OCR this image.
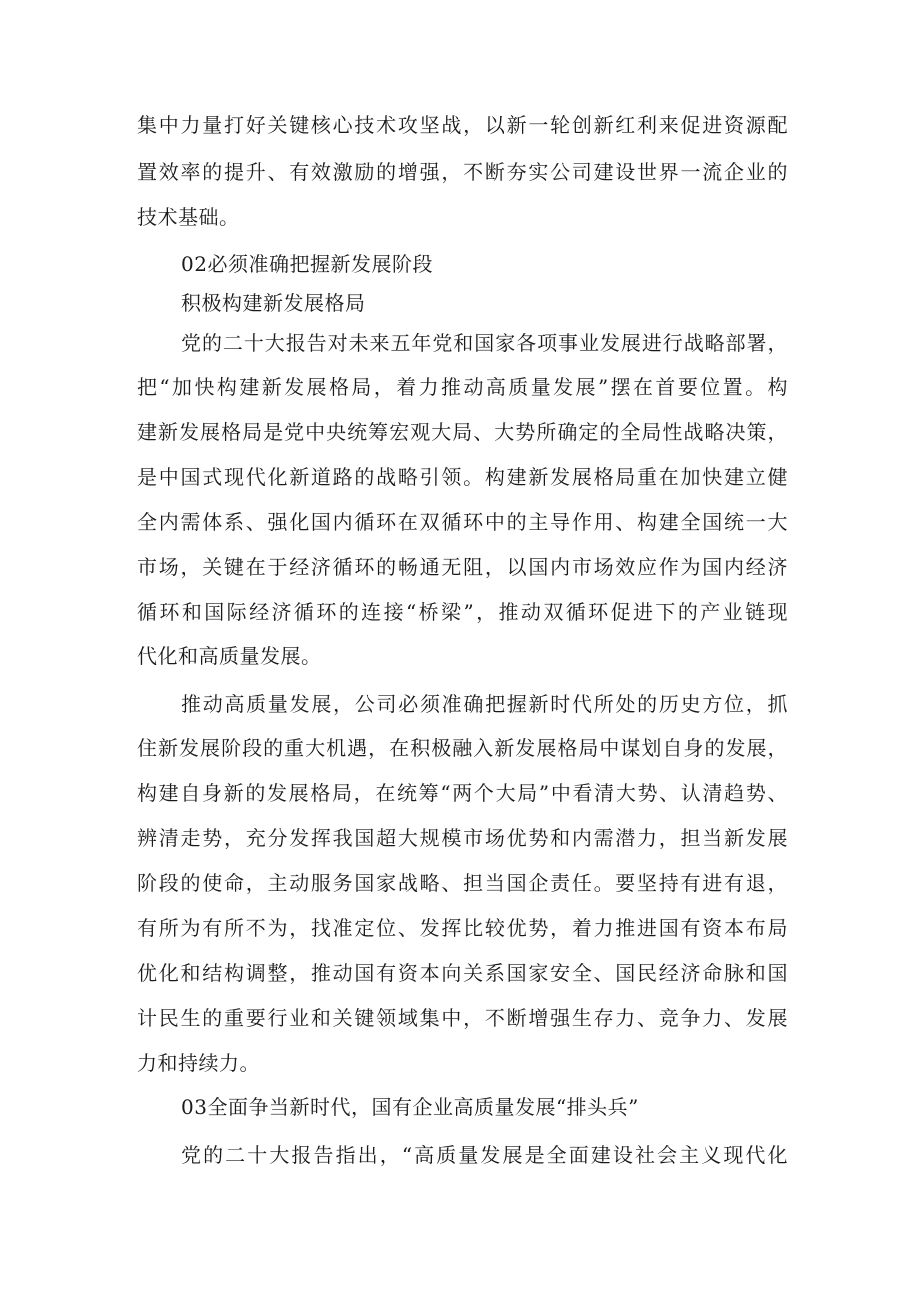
集中力量打好关键核心技术攻坚战，以新一轮创新红利来促进资源配
置效率的提升、有效激励的增强，不断夯实公司建设世界一流企业的
技术基础。
02必须准确把握新发展阶段
积极构建新发展格局
党的二十大报告对未来五年党和国家各项事业发展进行战略部署，
把“加快构建新发展格局，着力推动高质量发展”摆在首要位置。构
建新发展格局是党中央统筹宏观大局、大势所确定的全局性战略决策，
是中国式现代化新道路的战略引领。构建新发展格局重在加快建立健
全内需体系、强化国内循环在双循环中的主导作用、构建全国统一大
市场，关键在于经济循环的畅通无阻，以国内市场效应作为国内经济
循环和国际经济循环的连接“桥梁”，推动双循环促进下的产业链现
代化和高质量发展。
推动高质量发展，公司必须准确把握新时代所处的历史方位，抓
住新发展阶段的重大机遇，在积极融入新发展格局中谋划自身的发展，
构建自身新的发展格局，在统筹“两个大局”中看清大势、认清趋势、
辨清走势，充分发挥我国超大规模市场优势和内需潜力，担当新发展
阶段的使命，主动服务国家战略、担当国企责任。要坚持有进有退，
有所为有所不为，找准定位、发挥比较优势，着力推进国有资本布局
优化和结构调整，推动国有资本向关系国家安全、国民经济命脉和国
计民生的重要行业和关键领域集中，不断增强生存力、竞争力、发展
力和持续力。
03全面争当新时代，国有企业高质量发展“排头兵”
党的二十大报告指出，“高质量发展是全面建设社会主义现代化
